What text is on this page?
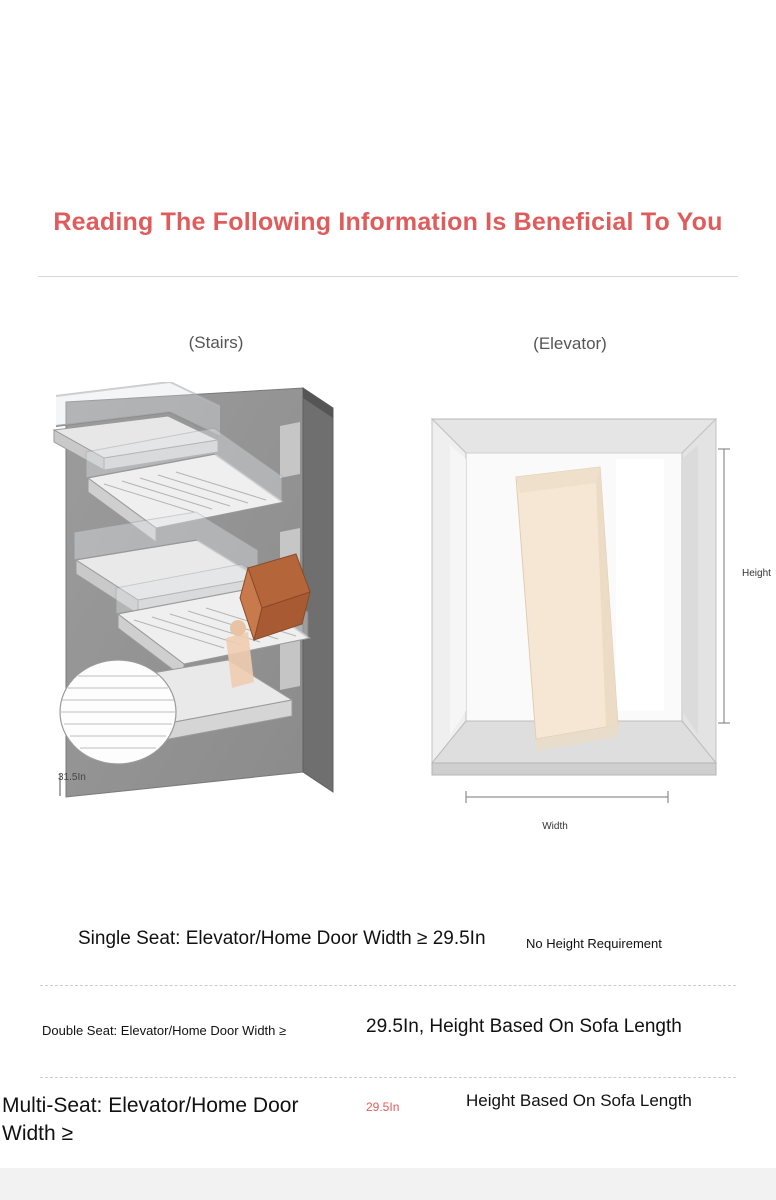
Reading The Following Information Is Beneficial To You
(Stairs)	(Elevator)
31.5In
Height
Width
Single Seat: Elevator/Home Door Width ≥ 29.5In	No Height Requirement
Double Seat: Elevator/Home Door Width ≥	29.5In, Height Based On Sofa Length
Multi-Seat: Elevator/Home Door Width ≥
29.5In	Height Based On Sofa Length
